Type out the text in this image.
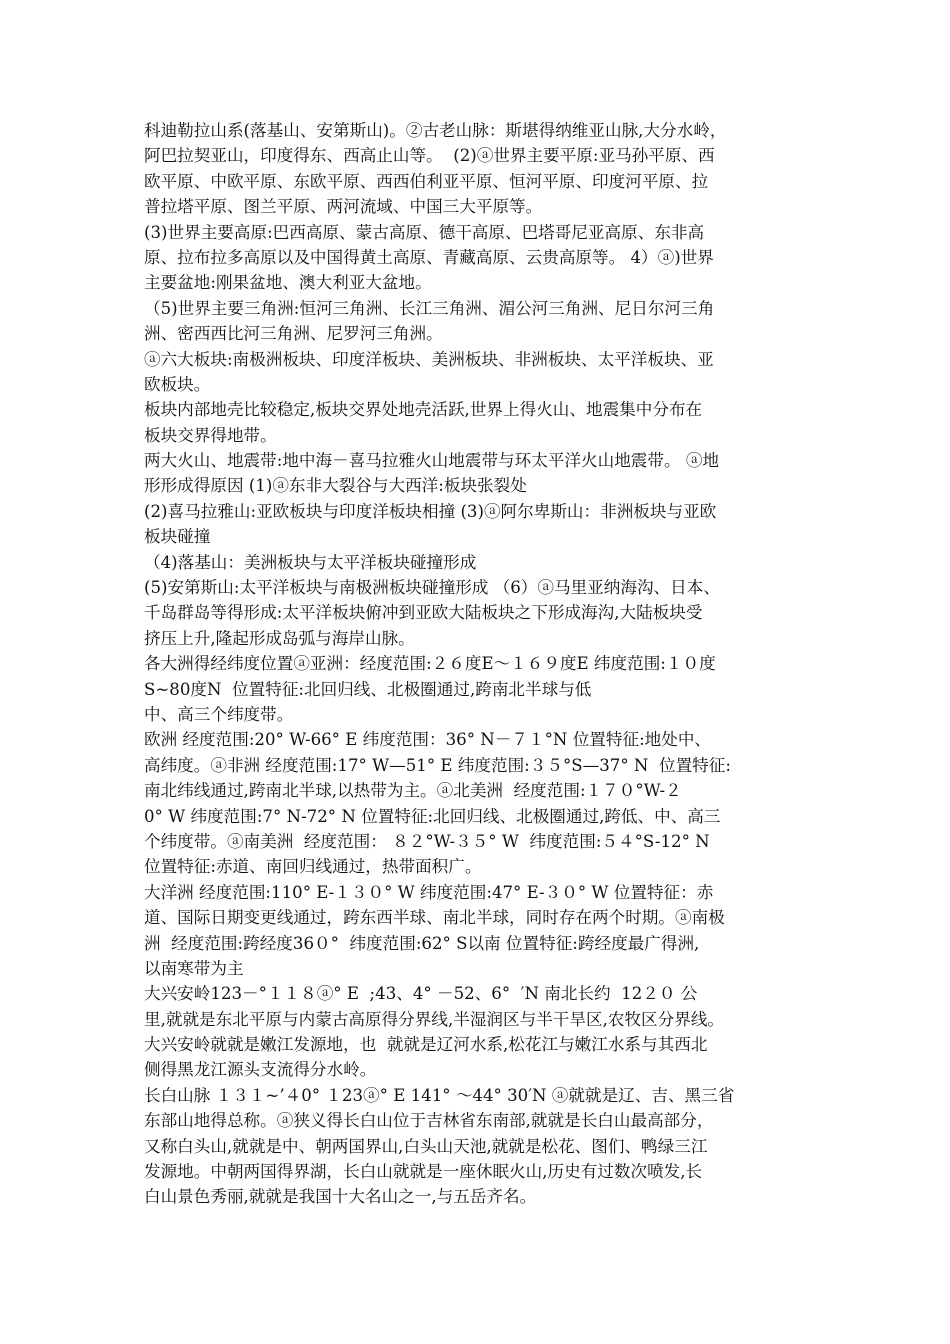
科迪勒拉山系(落基山、安第斯山)。②古老山脉：斯堪得纳维亚山脉,大分水岭，
阿巴拉契亚山，印度得东、西高止山等。  (2)ⓐ世界主要平原:亚马孙平原、西
欧平原、中欧平原、东欧平原、西西伯利亚平原、恒河平原、印度河平原、拉
普拉塔平原、图兰平原、两河流域、中国三大平原等。
(3)世界主要高原:巴西高原、蒙古高原、德干高原、巴塔哥尼亚高原、东非高
原、拉布拉多高原以及中国得黄土高原、青藏高原、云贵高原等。 4）ⓐ)世界
主要盆地:刚果盆地、澳大利亚大盆地。
（5)世界主要三角洲:恒河三角洲、长江三角洲、湄公河三角洲、尼日尔河三角
洲、密西西比河三角洲、尼罗河三角洲。
ⓐ六大板块:南极洲板块、印度洋板块、美洲板块、非洲板块、太平洋板块、亚
欧板块。
板块内部地壳比较稳定,板块交界处地壳活跃,世界上得火山、地震集中分布在
板块交界得地带。
两大火山、地震带:地中海－喜马拉雅火山地震带与环太平洋火山地震带。 ⓐ地
形形成得原因 (1)ⓐ东非大裂谷与大西洋:板块张裂处
(2)喜马拉雅山:亚欧板块与印度洋板块相撞 (3)ⓐ阿尔卑斯山：非洲板块与亚欧
板块碰撞
（4)落基山：美洲板块与太平洋板块碰撞形成
(5)安第斯山:太平洋板块与南极洲板块碰撞形成 （6）ⓐ马里亚纳海沟、日本、
千岛群岛等得形成:太平洋板块俯冲到亚欧大陆板块之下形成海沟,大陆板块受
挤压上升,隆起形成岛弧与海岸山脉。
各大洲得经纬度位置ⓐ亚洲：经度范围:２６度E～１６９度E 纬度范围:１０度
S~80度N  位置特征:北回归线、北极圈通过,跨南北半球与低
中、高三个纬度带。
欧洲 经度范围:20° W-66° E 纬度范围：36° N－７１°N 位置特征:地处中、
高纬度。ⓐ非洲 经度范围:17° W—51° E 纬度范围:３５°S—37° N  位置特征:
南北纬线通过,跨南北半球,以热带为主。ⓐ北美洲  经度范围:１７０°W-２
0° W 纬度范围:7° N-72° N 位置特征:北回归线、北极圈通过,跨低、中、高三
个纬度带。ⓐ南美洲  经度范围： ８２°W-３５° W  纬度范围:５４°S-12° N
位置特征:赤道、南回归线通过，热带面积广。
大洋洲 经度范围:110° E-１３０° W 纬度范围:47° E-３０° W 位置特征：赤
道、国际日期变更线通过，跨东西半球、南北半球，同时存在两个时期。ⓐ南极
洲  经度范围:跨经度36０°  纬度范围:62° S以南 位置特征:跨经度最广得洲,
以南寒带为主
大兴安岭123－°１１８ⓐ° E  ;43、4° －52、6°  ′N 南北长约  12２０ 公
里,就就是东北平原与内蒙古高原得分界线,半湿润区与半干旱区,农牧区分界线。
大兴安岭就就是嫩江发源地，也  就就是辽河水系,松花江与嫩江水系与其西北
侧得黑龙江源头支流得分水岭。
长白山脉 １３１~’４0° １23ⓐ° E 141° ～44° 30′N ⓐ就就是辽、吉、黑三省
东部山地得总称。ⓐ狭义得长白山位于吉林省东南部,就就是长白山最高部分，
又称白头山,就就是中、朝两国界山,白头山天池,就就是松花、图们、鸭绿三江
发源地。中朝两国得界湖，长白山就就是一座休眠火山,历史有过数次喷发,长
白山景色秀丽,就就是我国十大名山之一,与五岳齐名。
